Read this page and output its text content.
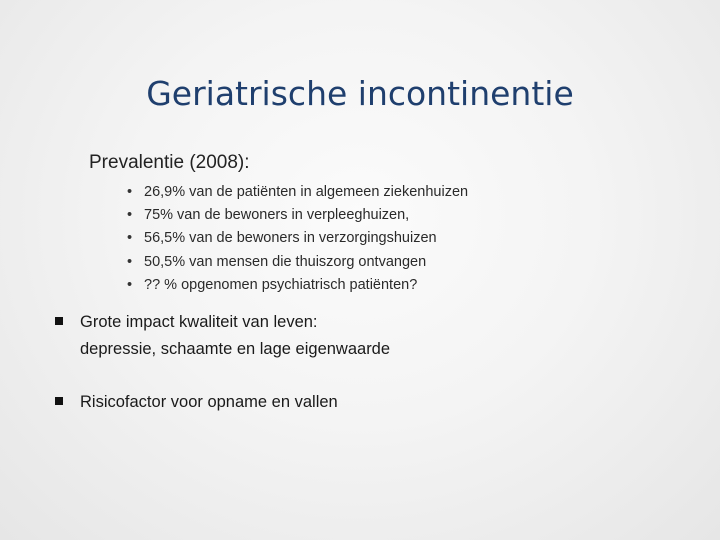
Geriatrische incontinentie
Prevalentie (2008):
• 26,9% van de patiënten in algemeen ziekenhuizen
• 75% van de bewoners in verpleeghuizen,
• 56,5% van de bewoners in verzorgingshuizen
• 50,5% van mensen die thuiszorg ontvangen
• ?? % opgenomen psychiatrisch patiënten?
Grote impact kwaliteit van leven:
depressie, schaamte en lage eigenwaarde
Risicofactor voor opname en vallen
